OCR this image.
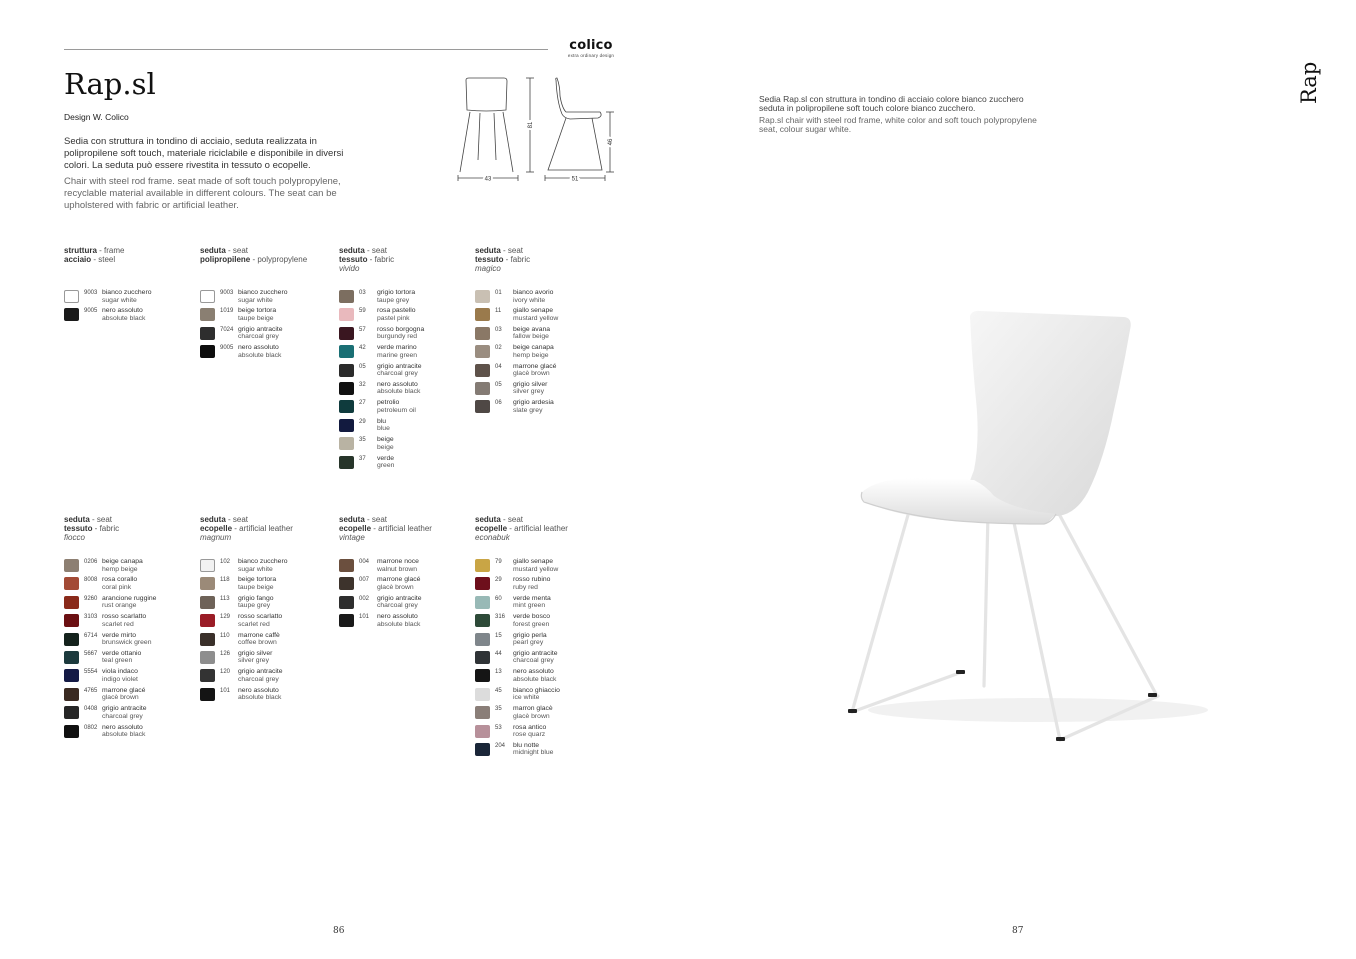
colico
extra ordinary design
Rap.sl
Design W. Colico
Sedia con struttura in tondino di acciaio, seduta realizzata in polipropilene soft touch, materiale riciclabile e disponibile in diversi colori. La seduta può essere rivestita in tessuto o ecopelle.
Chair with steel rod frame. seat made of soft touch polypropylene, recyclable material available in different colours. The seat can be upholstered with fabric or artificial leather.
43	51
81
46
struttura - frame
acciaio - steel
9003 bianco zucchero
sugar white
9005 nero assoluto
absolute black
seduta - seat
polipropilene - polypropylene
9003 bianco zucchero
sugar white
1019 beige tortora
taupe beige
7024 grigio antracite
charcoal grey
9005 nero assoluto
absolute black
seduta - seat
tessuto - fabric
vivido
03	grigio tortora
taupe grey
59	rosa pastello
pastel pink
57	rosso borgogna
burgundy red
42	verde marino
marine green
05	grigio antracite
charcoal grey
32	nero assoluto
absolute black
27	petrolio
petroleum oil
29	blu
blue
35	beige
beige
37	verde
green
seduta - seat
tessuto - fabric
magico
01	bianco avorio
ivory white
11	giallo senape
mustard yellow
03	beige avana
fallow beige
02	beige canapa
hemp beige
04	marrone glacé
glacè brown
05	grigio silver
silver grey
06	grigio ardesia
slate grey
seduta - seat
tessuto - fabric
fiocco
0206 beige canapa
hemp beige
8008 rosa corallo
coral pink
9260 arancione ruggine
rust orange
3103 rosso scarlatto
scarlet red
6714 verde mirto
brunswick green
5667 verde ottanio
teal green
5554 viola indaco
indigo violet
4765 marrone glacé
glacè brown
0408 grigio antracite
charcoal grey
0802 nero assoluto
absolute black
seduta - seat
ecopelle - artificial leather
magnum
102	bianco zucchero
sugar white
118	beige tortora
taupe beige
113	grigio fango
taupe grey
129	rosso scarlatto
scarlet red
110	marrone caffè
coffee brown
126	grigio silver
silver grey
120	grigio antracite
charcoal grey
101	nero assoluto
absolute black
seduta - seat
ecopelle - artificial leather
vintage
004	marrone noce
walnut brown
007	marrone glacé
glacè brown
002	grigio antracite
charcoal grey
101	nero assoluto
absolute black
seduta - seat
ecopelle - artificial leather
econabuk
79	giallo senape
mustard yellow
29	rosso rubino
ruby red
60	verde menta
mint green
316	verde bosco
forest green
15	grigio perla
pearl grey
44	grigio antracite
charcoal grey
13	nero assoluto
absolute black
45	bianco ghiaccio
ice white
35	marron glacè
glacè brown
53	rosa antico
rose quarz
204	blu notte
midnight blue
86
Rap
Sedia Rap.sl con struttura in tondino di acciaio colore bianco zucchero seduta in polipropilene soft touch colore bianco zucchero.
Rap.sl chair with steel rod frame, white color and soft touch polypropylene seat, colour sugar white.
87
